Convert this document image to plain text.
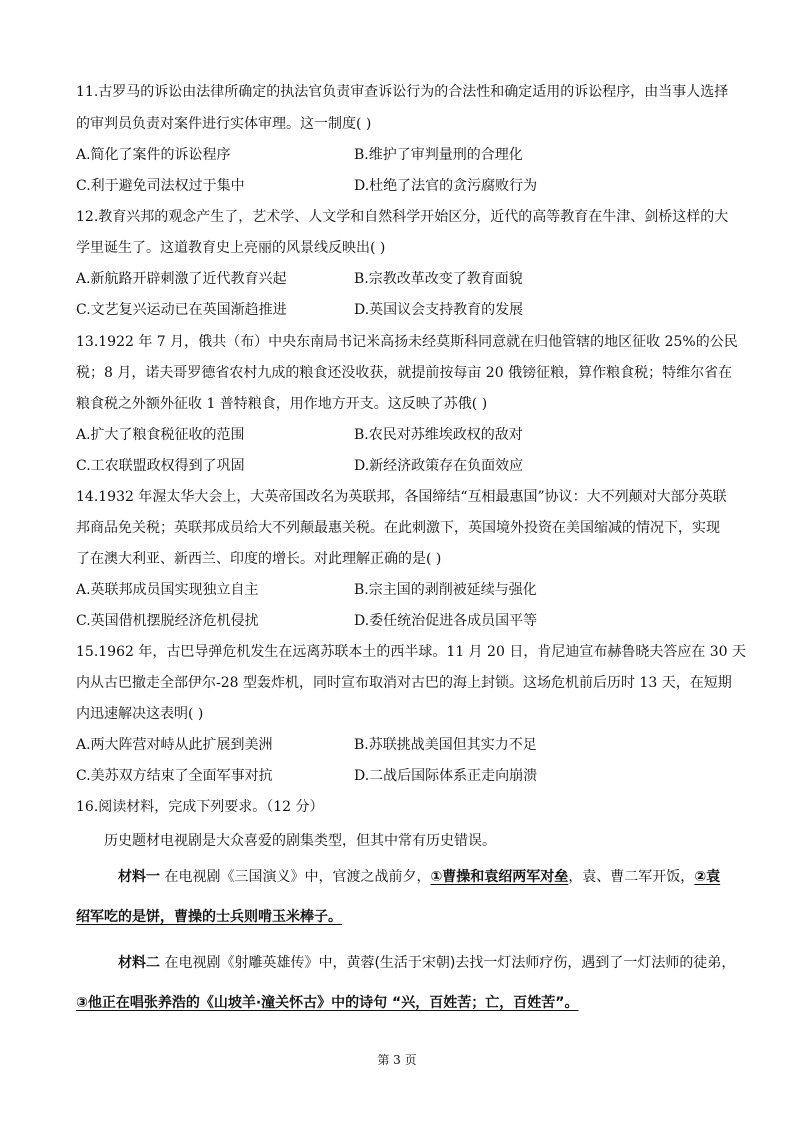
11.古罗马的诉讼由法律所确定的执法官负责审查诉讼行为的合法性和确定适用的诉讼程序，由当事人选择
的审判员负责对案件进行实体审理。这一制度( )
A.简化了案件的诉讼程序	B.维护了审判量刑的合理化
C.利于避免司法权过于集中	D.杜绝了法官的贪污腐败行为
12.教育兴邦的观念产生了，艺术学、人文学和自然科学开始区分，近代的高等教育在牛津、剑桥这样的大
学里诞生了。这道教育史上亮丽的风景线反映出( )
A.新航路开辟刺激了近代教育兴起	B.宗教改革改变了教育面貌
C.文艺复兴运动已在英国渐趋推进	D.英国议会支持教育的发展
13.1922 年 7 月，俄共（布）中央东南局书记米高扬未经莫斯科同意就在归他管辖的地区征收 25%的公民
税；8 月，诺夫哥罗德省农村九成的粮食还没收获，就提前按每亩 20 俄镑征粮，算作粮食税；特维尔省在
粮食税之外额外征收 1 普特粮食，用作地方开支。这反映了苏俄( )
A.扩大了粮食税征收的范围	B.农民对苏维埃政权的敌对
C.工农联盟政权得到了巩固	D.新经济政策存在负面效应
14.1932 年渥太华大会上，大英帝国改名为英联邦，各国缔结“互相最惠国”协议：大不列颠对大部分英联
邦商品免关税；英联邦成员给大不列颠最惠关税。在此刺激下，英国境外投资在美国缩减的情况下，实现
了在澳大利亚、新西兰、印度的增长。对此理解正确的是( )
A.英联邦成员国实现独立自主	B.宗主国的剥削被延续与强化
C.英国借机摆脱经济危机侵扰	D.委任统治促进各成员国平等
15.1962 年，古巴导弹危机发生在远离苏联本土的西半球。11 月 20 日，肯尼迪宣布赫鲁晓夫答应在 30 天
内从古巴撤走全部伊尔-28 型轰炸机，同时宣布取消对古巴的海上封锁。这场危机前后历时 13 天，在短期
内迅速解决这表明( )
A.两大阵营对峙从此扩展到美洲	B.苏联挑战美国但其实力不足
C.美苏双方结束了全面军事对抗	D.二战后国际体系正走向崩溃
16.阅读材料，完成下列要求。（12 分）
历史题材电视剧是大众喜爱的剧集类型，但其中常有历史错误。
材料一 在电视剧《三国演义》中，官渡之战前夕，①曹操和袁绍两军对垒，袁、曹二军开饭，②袁
绍军吃的是饼，曹操的士兵则啃玉米棒子。
材料二 在电视剧《射雕英雄传》中，黄蓉(生活于宋朝)去找一灯法师疗伤，遇到了一灯法师的徒弟，
③他正在唱张养浩的《山坡羊·潼关怀古》中的诗句 “兴，百姓苦；亡，百姓苦”。
第 3 页
